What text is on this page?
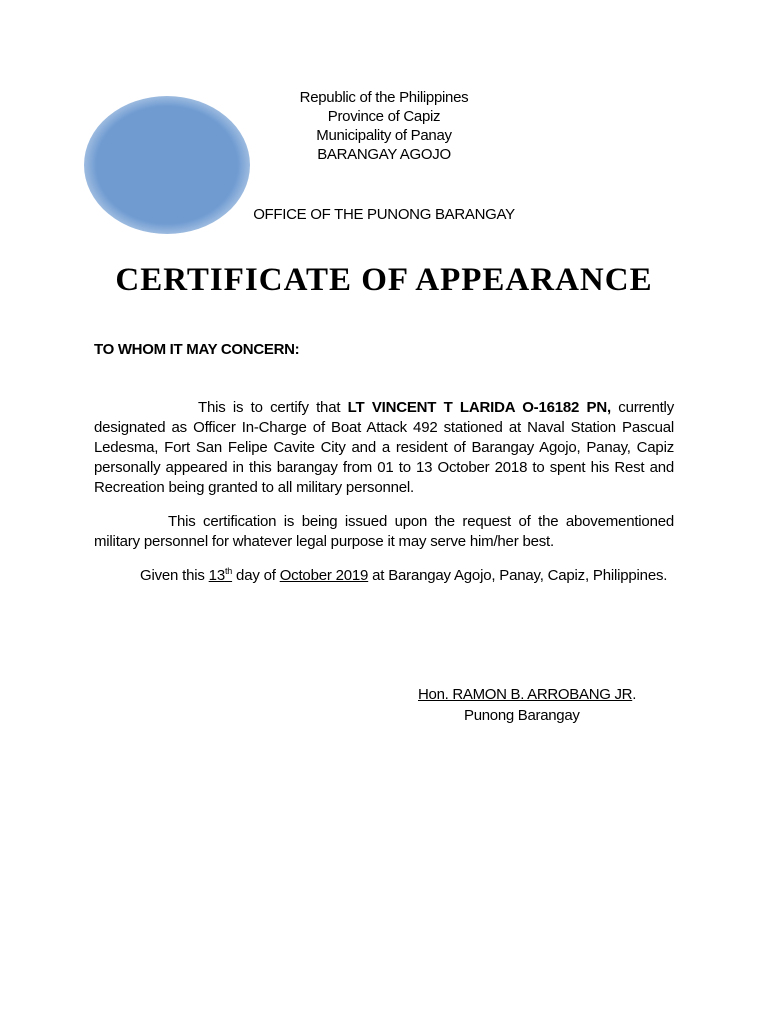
Republic of the Philippines
Province of Capiz
Municipality of Panay
BARANGAY AGOJO
OFFICE OF THE PUNONG BARANGAY
CERTIFICATE OF APPEARANCE
TO WHOM IT MAY CONCERN:

This is to certify that LT VINCENT T LARIDA O-16182 PN, currently designated as Officer In-Charge of Boat Attack 492 stationed at Naval Station Pascual Ledesma, Fort San Felipe Cavite City and a resident of Barangay Agojo, Panay, Capiz personally appeared in this barangay from 01 to 13 October 2018 to spent his Rest and Recreation being granted to all military personnel.

This certification is being issued upon the request of the abovementioned military personnel for whatever legal purpose it may serve him/her best.

Given this 13th day of October 2019 at Barangay Agojo, Panay, Capiz, Philippines.

Hon. RAMON B. ARROBANG JR.
Punong Barangay
